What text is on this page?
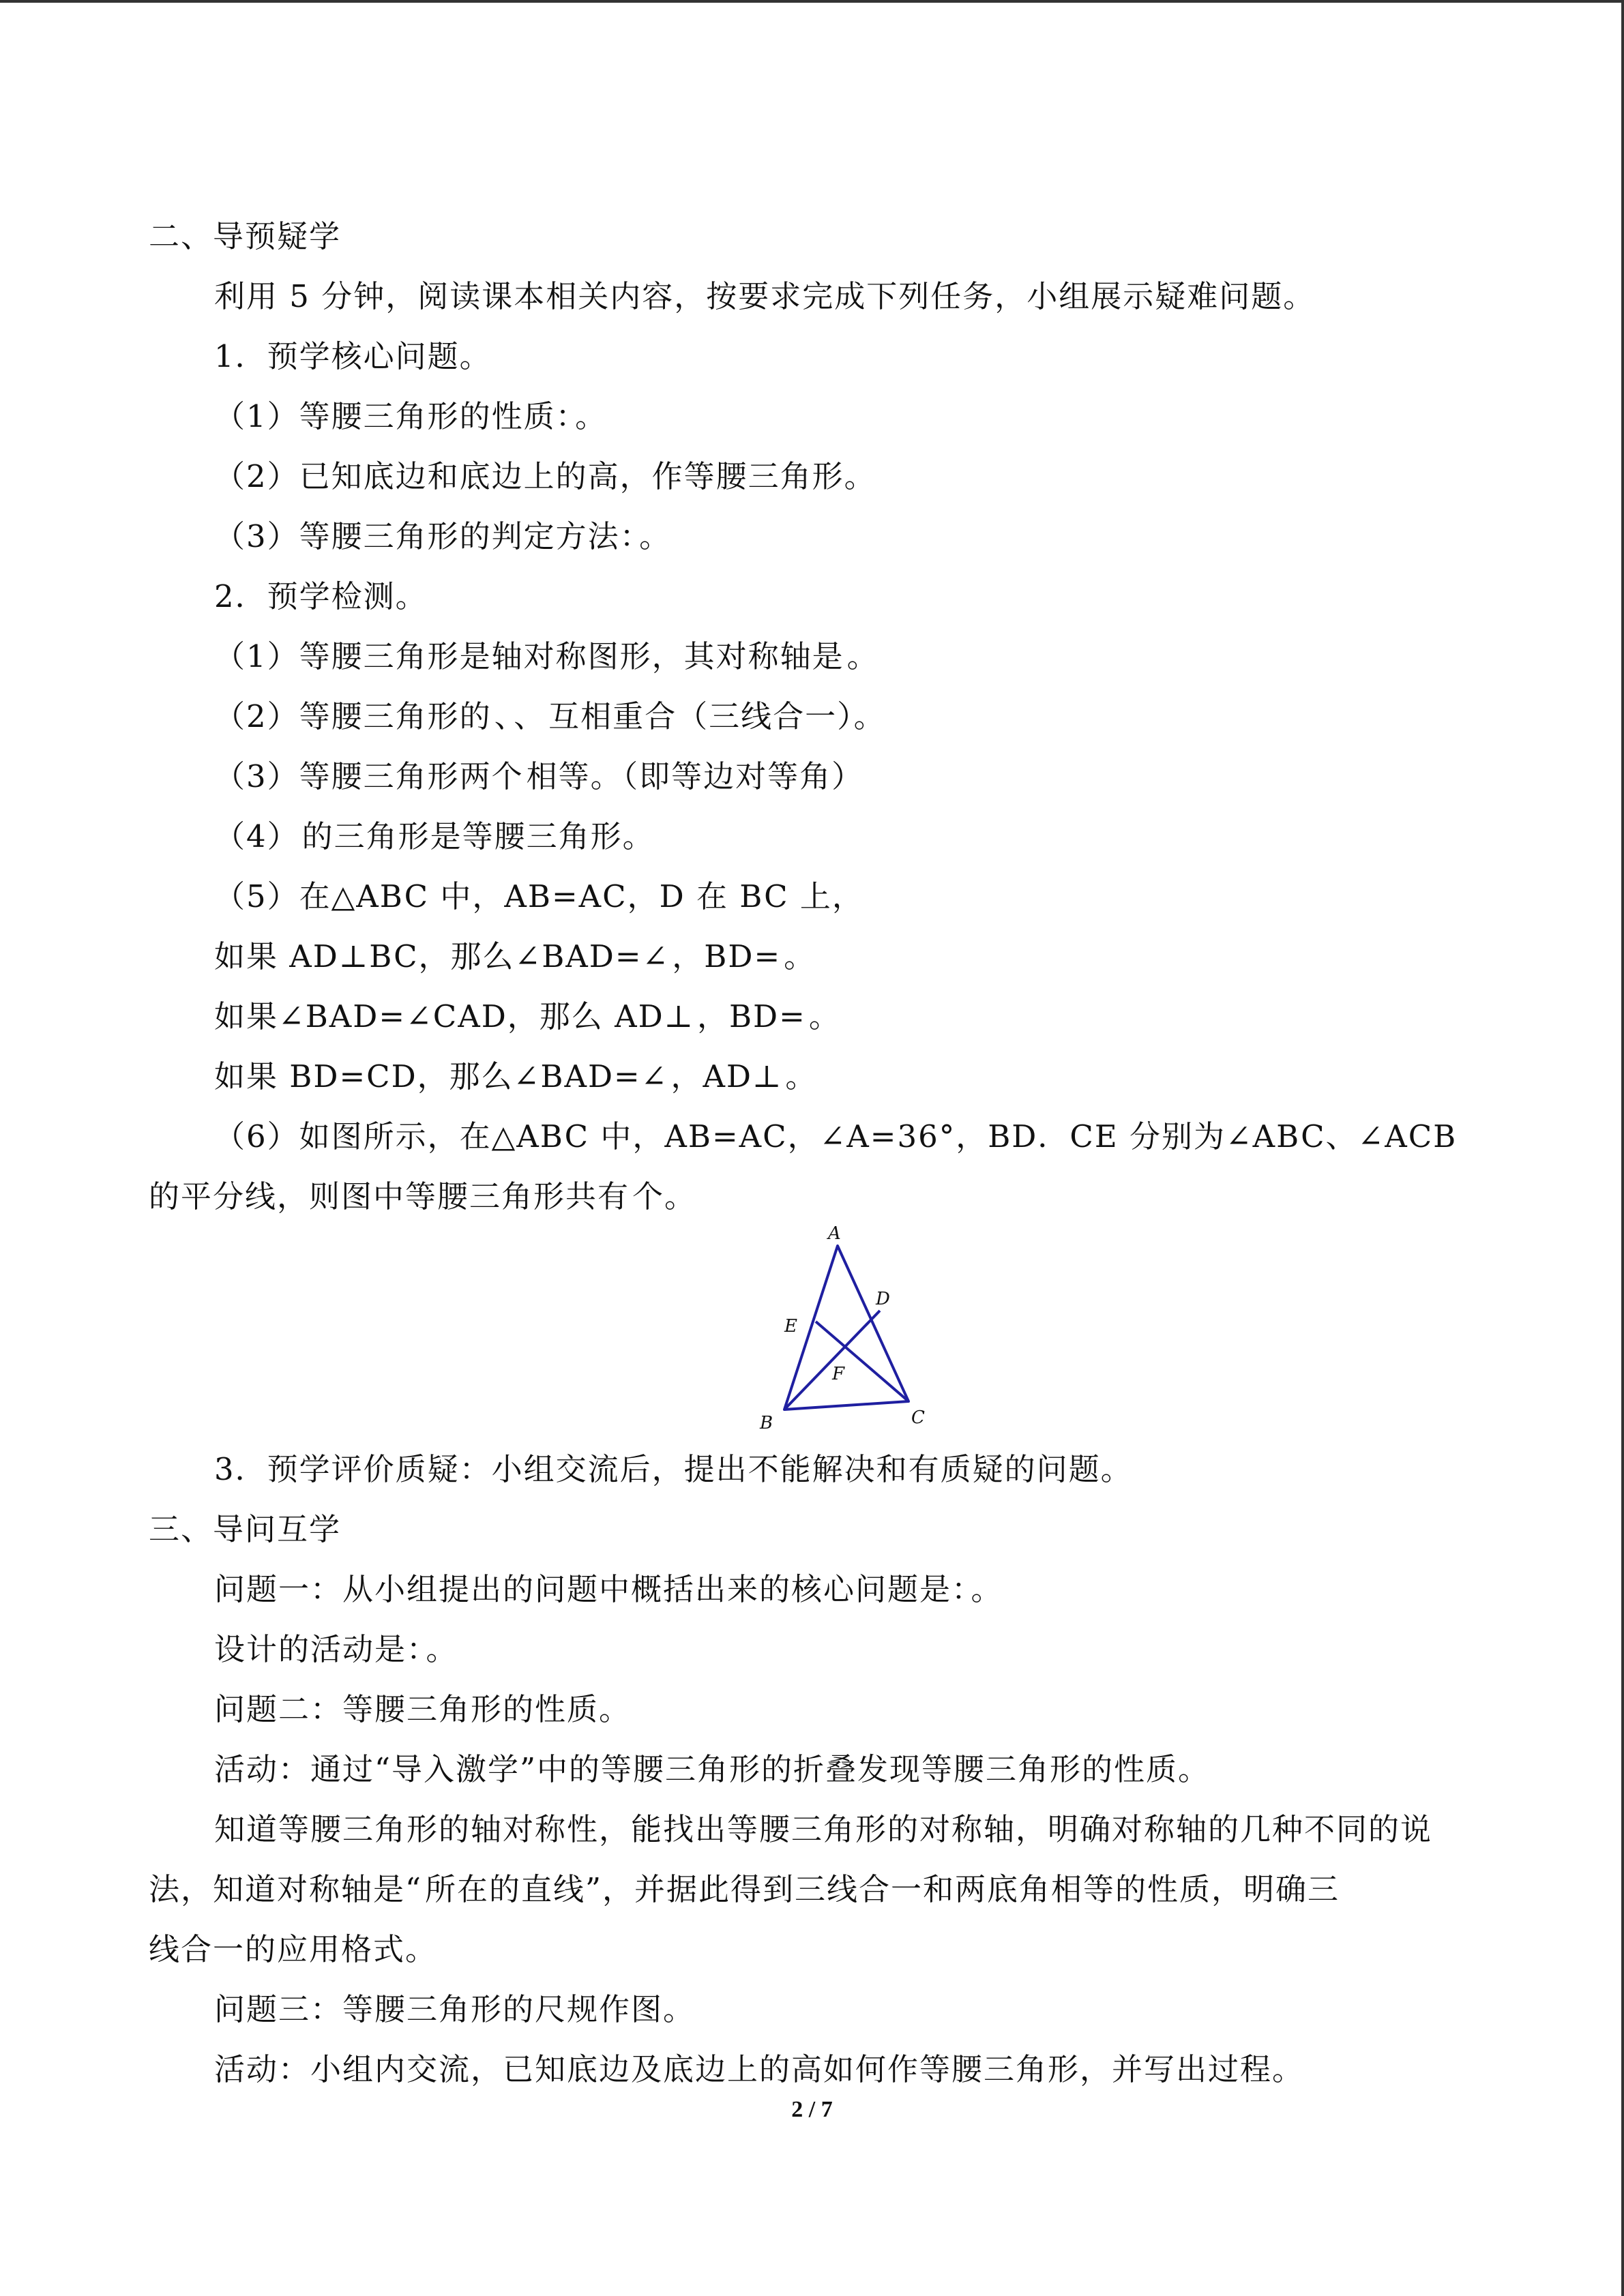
二、导预疑学
利用 5 分钟，阅读课本相关内容，按要求完成下列任务，小组展示疑难问题。
1．预学核心问题。
（1）等腰三角形的性质：。
（2）已知底边和底边上的高，作等腰三角形。
（3）等腰三角形的判定方法：。
2．预学检测。
（1）等腰三角形是轴对称图形，其对称轴是。
（2）等腰三角形的、、互相重合（三线合一）。
（3）等腰三角形两个相等。（即等边对等角）
（4）的三角形是等腰三角形。
（5）在△ABC 中，AB=AC，D 在 BC 上，
如果 AD⊥BC，那么∠BAD=∠，BD=。
如果∠BAD=∠CAD，那么 AD⊥，BD=。
如果 BD=CD，那么∠BAD=∠，AD⊥。
（6）如图所示，在△ABC 中，AB=AC，∠A=36°，BD．CE 分别为∠ABC、∠ACB
的平分线，则图中等腰三角形共有个。
A
B	C
D
E
F
3．预学评价质疑：小组交流后，提出不能解决和有质疑的问题。
三、导问互学
问题一：从小组提出的问题中概括出来的核心问题是：。
设计的活动是：。
问题二：等腰三角形的性质。
活动：通过“导入激学”中的等腰三角形的折叠发现等腰三角形的性质。
知道等腰三角形的轴对称性，能找出等腰三角形的对称轴，明确对称轴的几种不同的说
法，知道对称轴是“所在的直线”，并据此得到三线合一和两底角相等的性质，明确三
线合一的应用格式。
问题三：等腰三角形的尺规作图。
活动：小组内交流，已知底边及底边上的高如何作等腰三角形，并写出过程。
2 / 7
